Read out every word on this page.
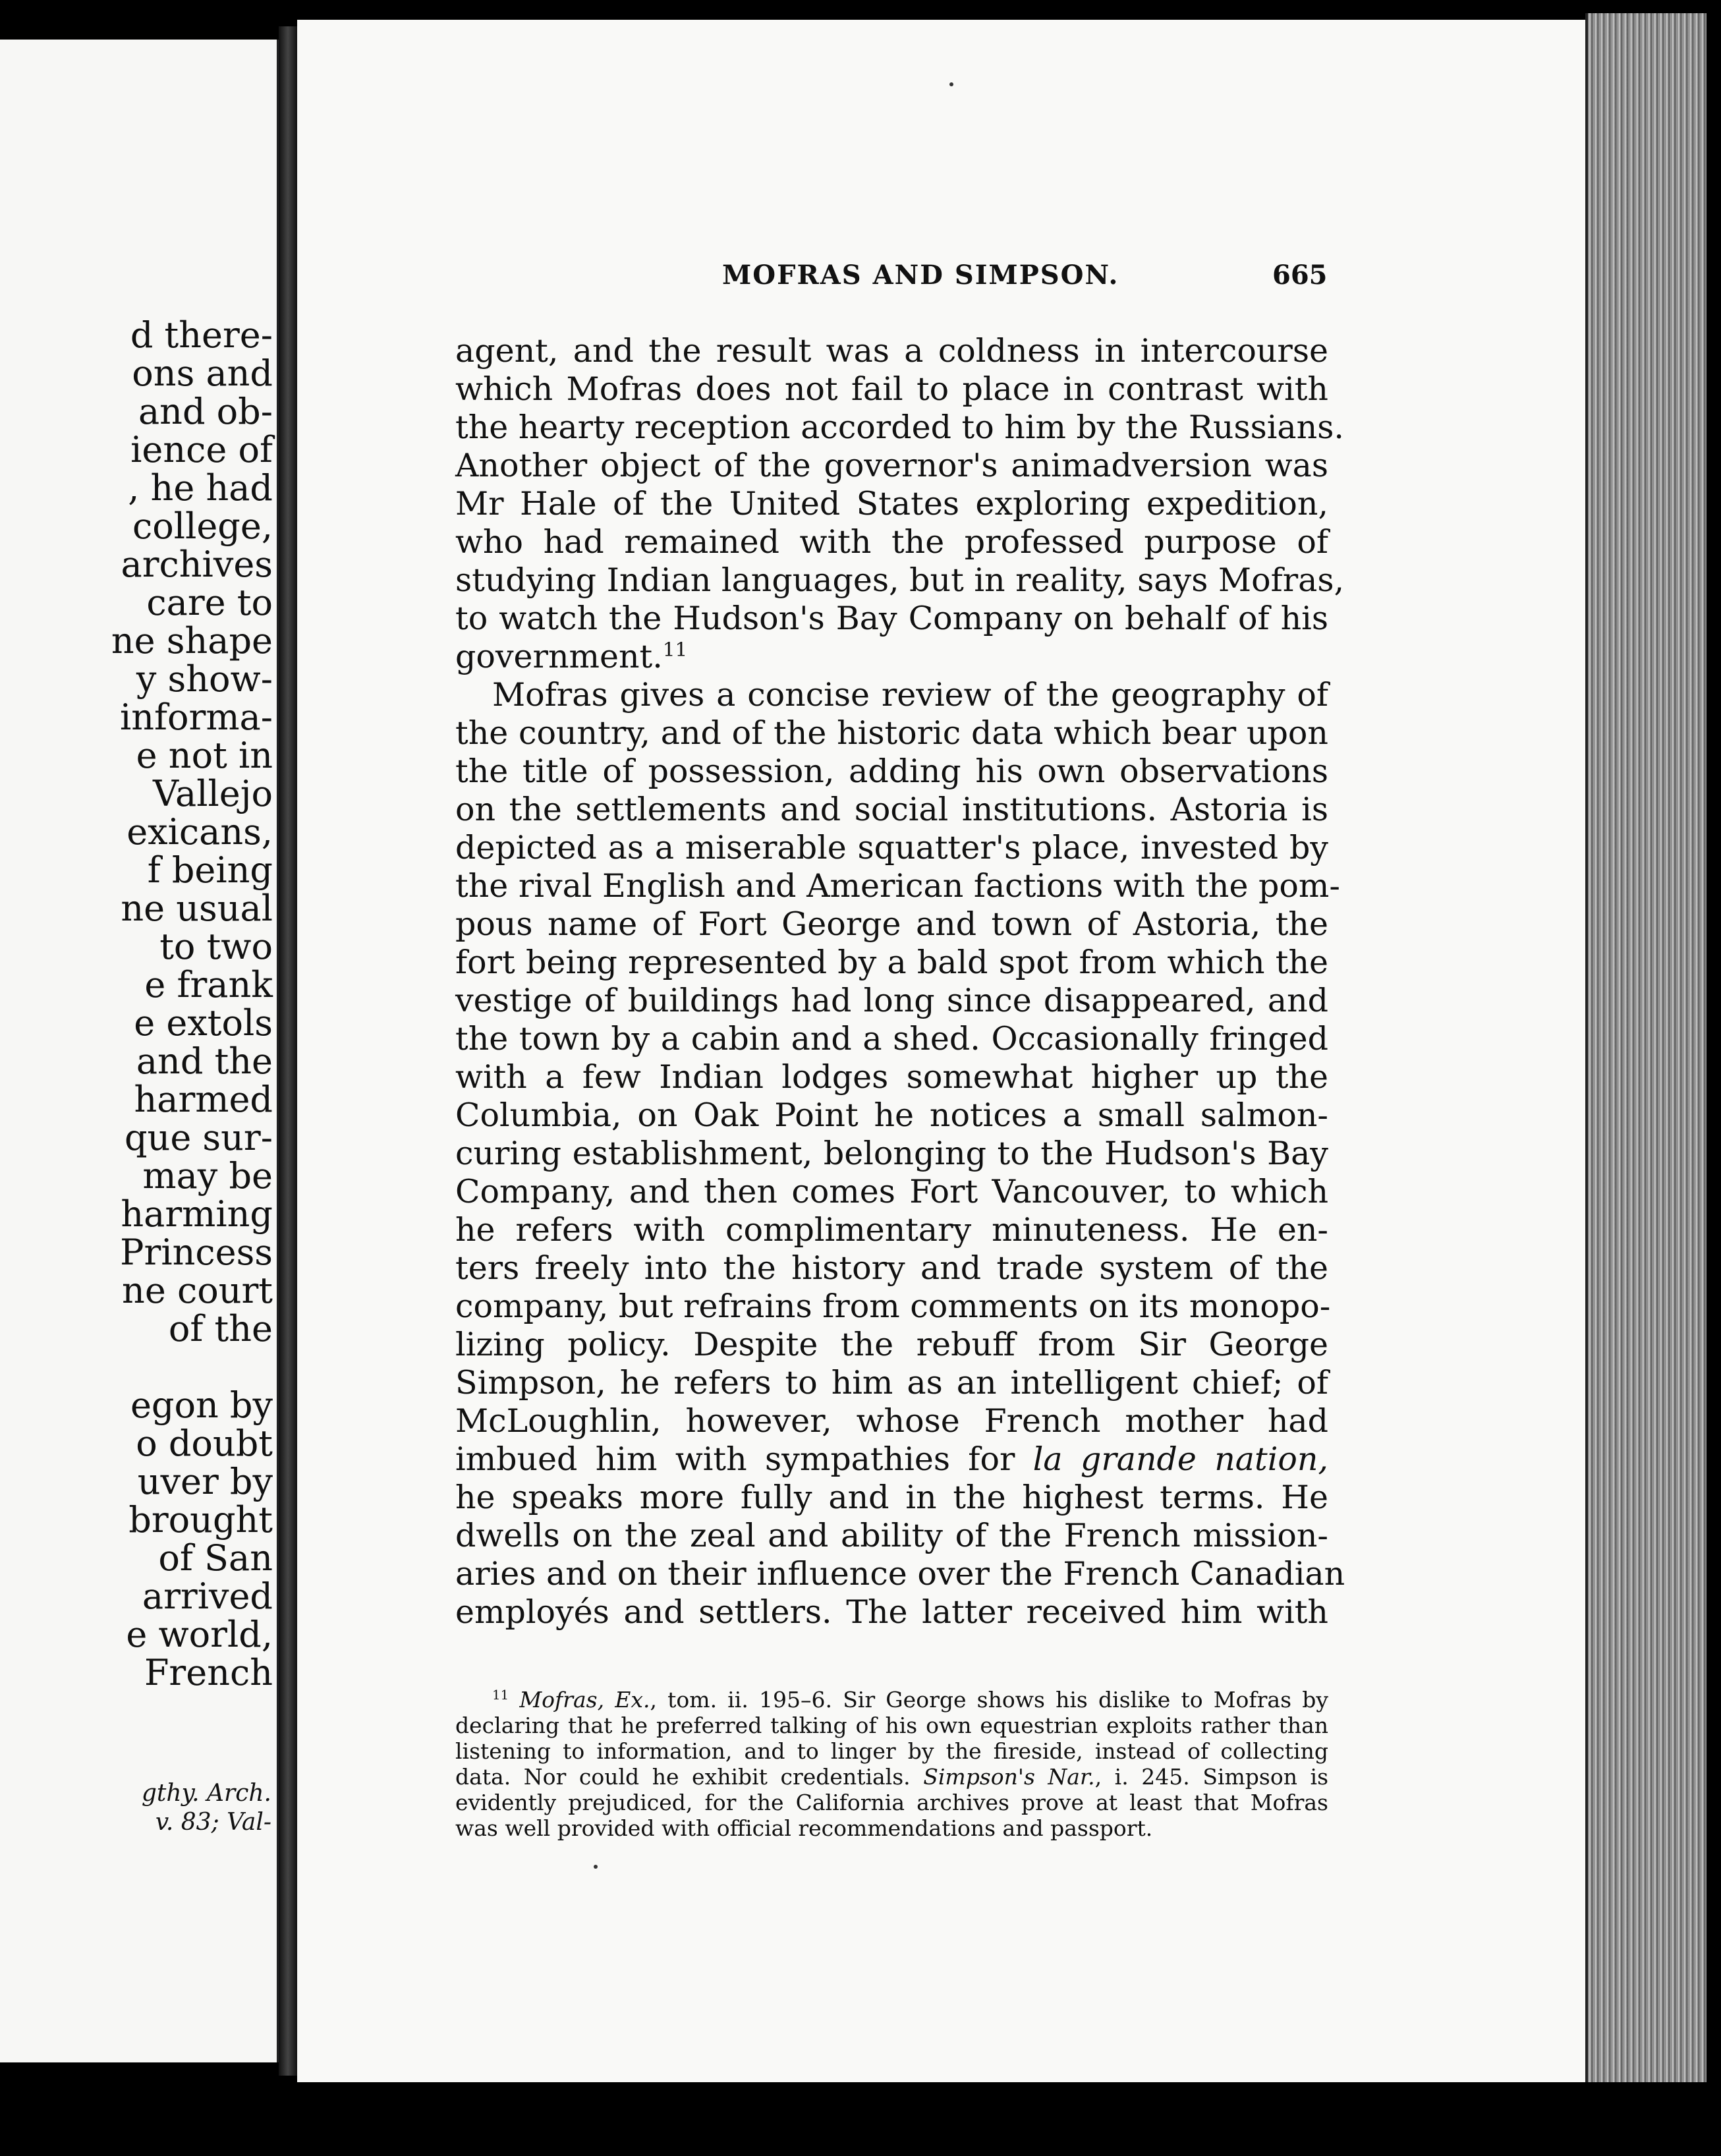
d there-
ons and
and ob-
ience of
, he had
college,
archives
care to
ne shape
y show-
informa-
e not in
Vallejo
exicans,
f being
ne usual
to two
e frank
e extols
and the
harmed
que sur-
may be
harming
Princess
ne court
of the

egon by
o doubt
uver by
brought
of San
arrived
e world,
French
gthy. Arch.
v. 83; Val-
MOFRAS AND SIMPSON.	665
agent, and the result was a coldness in intercourse
which Mofras does not fail to place in contrast with
the hearty reception accorded to him by the Russians.
Another object of the governor's animadversion was
Mr Hale of the United States exploring expedition,
who had remained with the professed purpose of
studying Indian languages, but in reality, says Mofras,
to watch the Hudson's Bay Company on behalf of his
government.$^{11}$
Mofras gives a concise review of the geography of
the country, and of the historic data which bear upon
the title of possession, adding his own observations
on the settlements and social institutions. Astoria is
depicted as a miserable squatter's place, invested by
the rival English and American factions with the pom-
pous name of Fort George and town of Astoria, the
fort being represented by a bald spot from which the
vestige of buildings had long since disappeared, and
the town by a cabin and a shed. Occasionally fringed
with a few Indian lodges somewhat higher up the
Columbia, on Oak Point he notices a small salmon-
curing establishment, belonging to the Hudson's Bay
Company, and then comes Fort Vancouver, to which
he refers with complimentary minuteness. He en-
ters freely into the history and trade system of the
company, but refrains from comments on its monopo-
lizing policy. Despite the rebuff from Sir George
Simpson, he refers to him as an intelligent chief; of
McLoughlin, however, whose French mother had
imbued him with sympathies for la grande nation,
he speaks more fully and in the highest terms. He
dwells on the zeal and ability of the French mission-
aries and on their influence over the French Canadian
employés and settlers. The latter received him with
$^{11}$ Mofras, Ex., tom. ii. 195–6. Sir George shows his dislike to Mofras by
declaring that he preferred talking of his own equestrian exploits rather than
listening to information, and to linger by the fireside, instead of collecting
data. Nor could he exhibit credentials. Simpson's Nar., i. 245. Simpson is
evidently prejudiced, for the California archives prove at least that Mofras
was well provided with official recommendations and passport.
